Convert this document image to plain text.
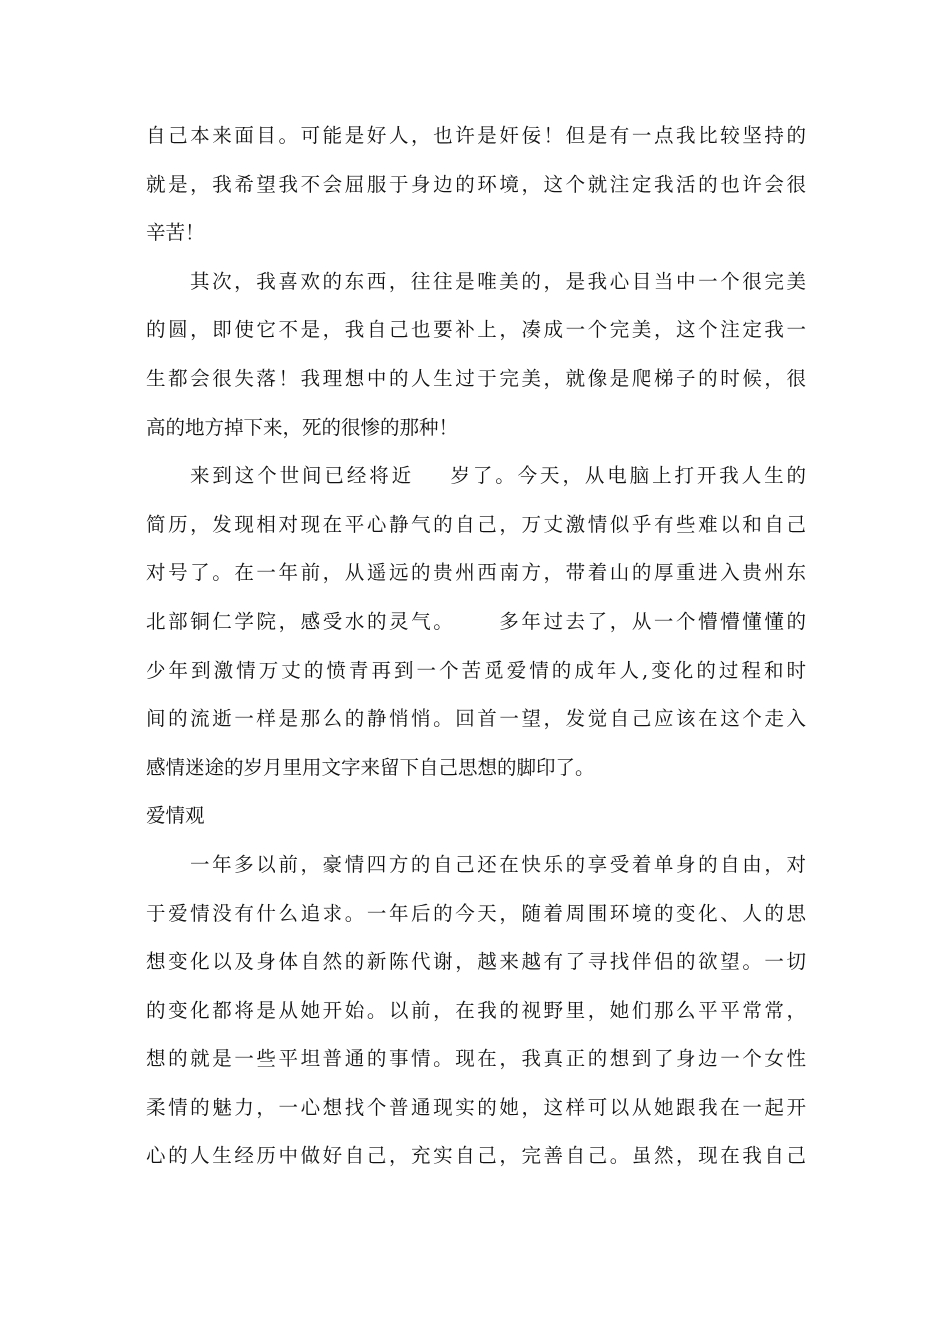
自己本来面目。可能是好人，也许是奸佞！但是有一点我比较坚持的
就是，我希望我不会屈服于身边的环境，这个就注定我活的也许会很
辛苦！

其次，我喜欢的东西，往往是唯美的，是我心目当中一个很完美
的圆，即使它不是，我自己也要补上，凑成一个完美，这个注定我一
生都会很失落！我理想中的人生过于完美，就像是爬梯子的时候，很
高的地方掉下来，死的很惨的那种！

来到这个世间已经将近    岁了。今天，从电脑上打开我人生的
简历，发现相对现在平心静气的自己，万丈激情似乎有些难以和自己
对号了。在一年前，从遥远的贵州西南方，带着山的厚重进入贵州东
北部铜仁学院，感受水的灵气。     多年过去了，从一个懵懵懂懂的
少年到激情万丈的愤青再到一个苦觅爱情的成年人,变化的过程和时
间的流逝一样是那么的静悄悄。回首一望，发觉自己应该在这个走入
感情迷途的岁月里用文字来留下自己思想的脚印了。

爱情观

一年多以前，豪情四方的自己还在快乐的享受着单身的自由，对
于爱情没有什么追求。一年后的今天，随着周围环境的变化、人的思
想变化以及身体自然的新陈代谢，越来越有了寻找伴侣的欲望。一切
的变化都将是从她开始。以前，在我的视野里，她们那么平平常常，
想的就是一些平坦普通的事情。现在，我真正的想到了身边一个女性
柔情的魅力，一心想找个普通现实的她，这样可以从她跟我在一起开
心的人生经历中做好自己，充实自己，完善自己。虽然，现在我自己
